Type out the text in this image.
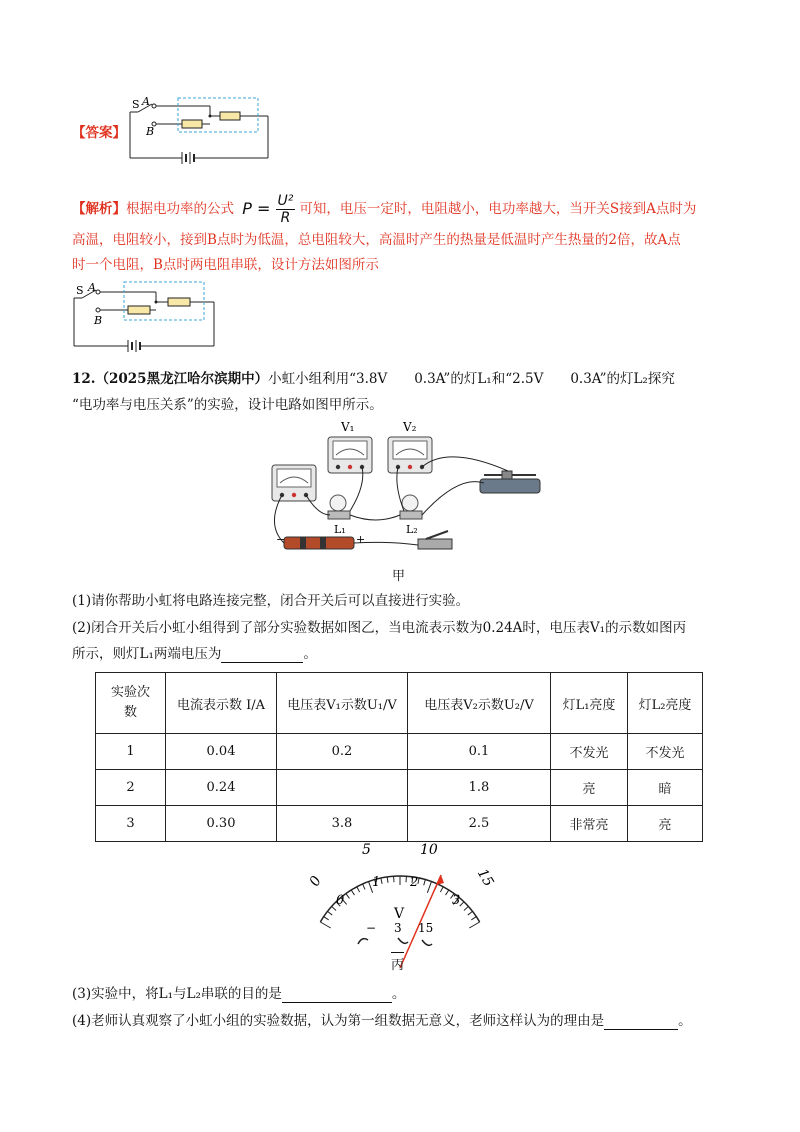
【答案】
A
S
B
【解析】根据电功率的公式 $P = \frac{\text{U²}}{R}$ 可知，电压一定时，电阻越小，电功率越大，当开关S接到A点时为
高温，电阻较小，接到B点时为低温，总电阻较大，高温时产生的热量是低温时产生热量的2倍，故A点
时一个电阻，B点时两电阻串联，设计方法如图所示
S A
B
12.（2025黑龙江哈尔滨期中）小虹小组利用“3.8V　　0.3A”的灯L₁和“2.5V　　0.3A”的灯L₂探究
“电功率与电压关系”的实验，设计电路如图甲所示。
V₁	V₂
L₁	L₂
−	+
甲
(1)请你帮助小虹将电路连接完整，闭合开关后可以直接进行实验。
(2)闭合开关后小虹小组得到了部分实验数据如图乙，当电流表示数为0.24A时，电压表V₁的示数如图丙
所示，则灯L₁两端电压为	。
实验次数	电流表示数 I/A	电压表V₁示数U₁/V	电压表V₂示数U₂/V	灯L₁亮度	灯L₂亮度
1	0.04	0.2	0.1	不发光	不发光
2	0.24		1.8	亮	暗
3	0.30	3.8	2.5	非常亮	亮
0
5	10
15
0
1 2
3
V
− 3 15
丙
(3)实验中，将L₁与L₂串联的目的是	。
(4)老师认真观察了小虹小组的实验数据，认为第一组数据无意义，老师这样认为的理由是	。
